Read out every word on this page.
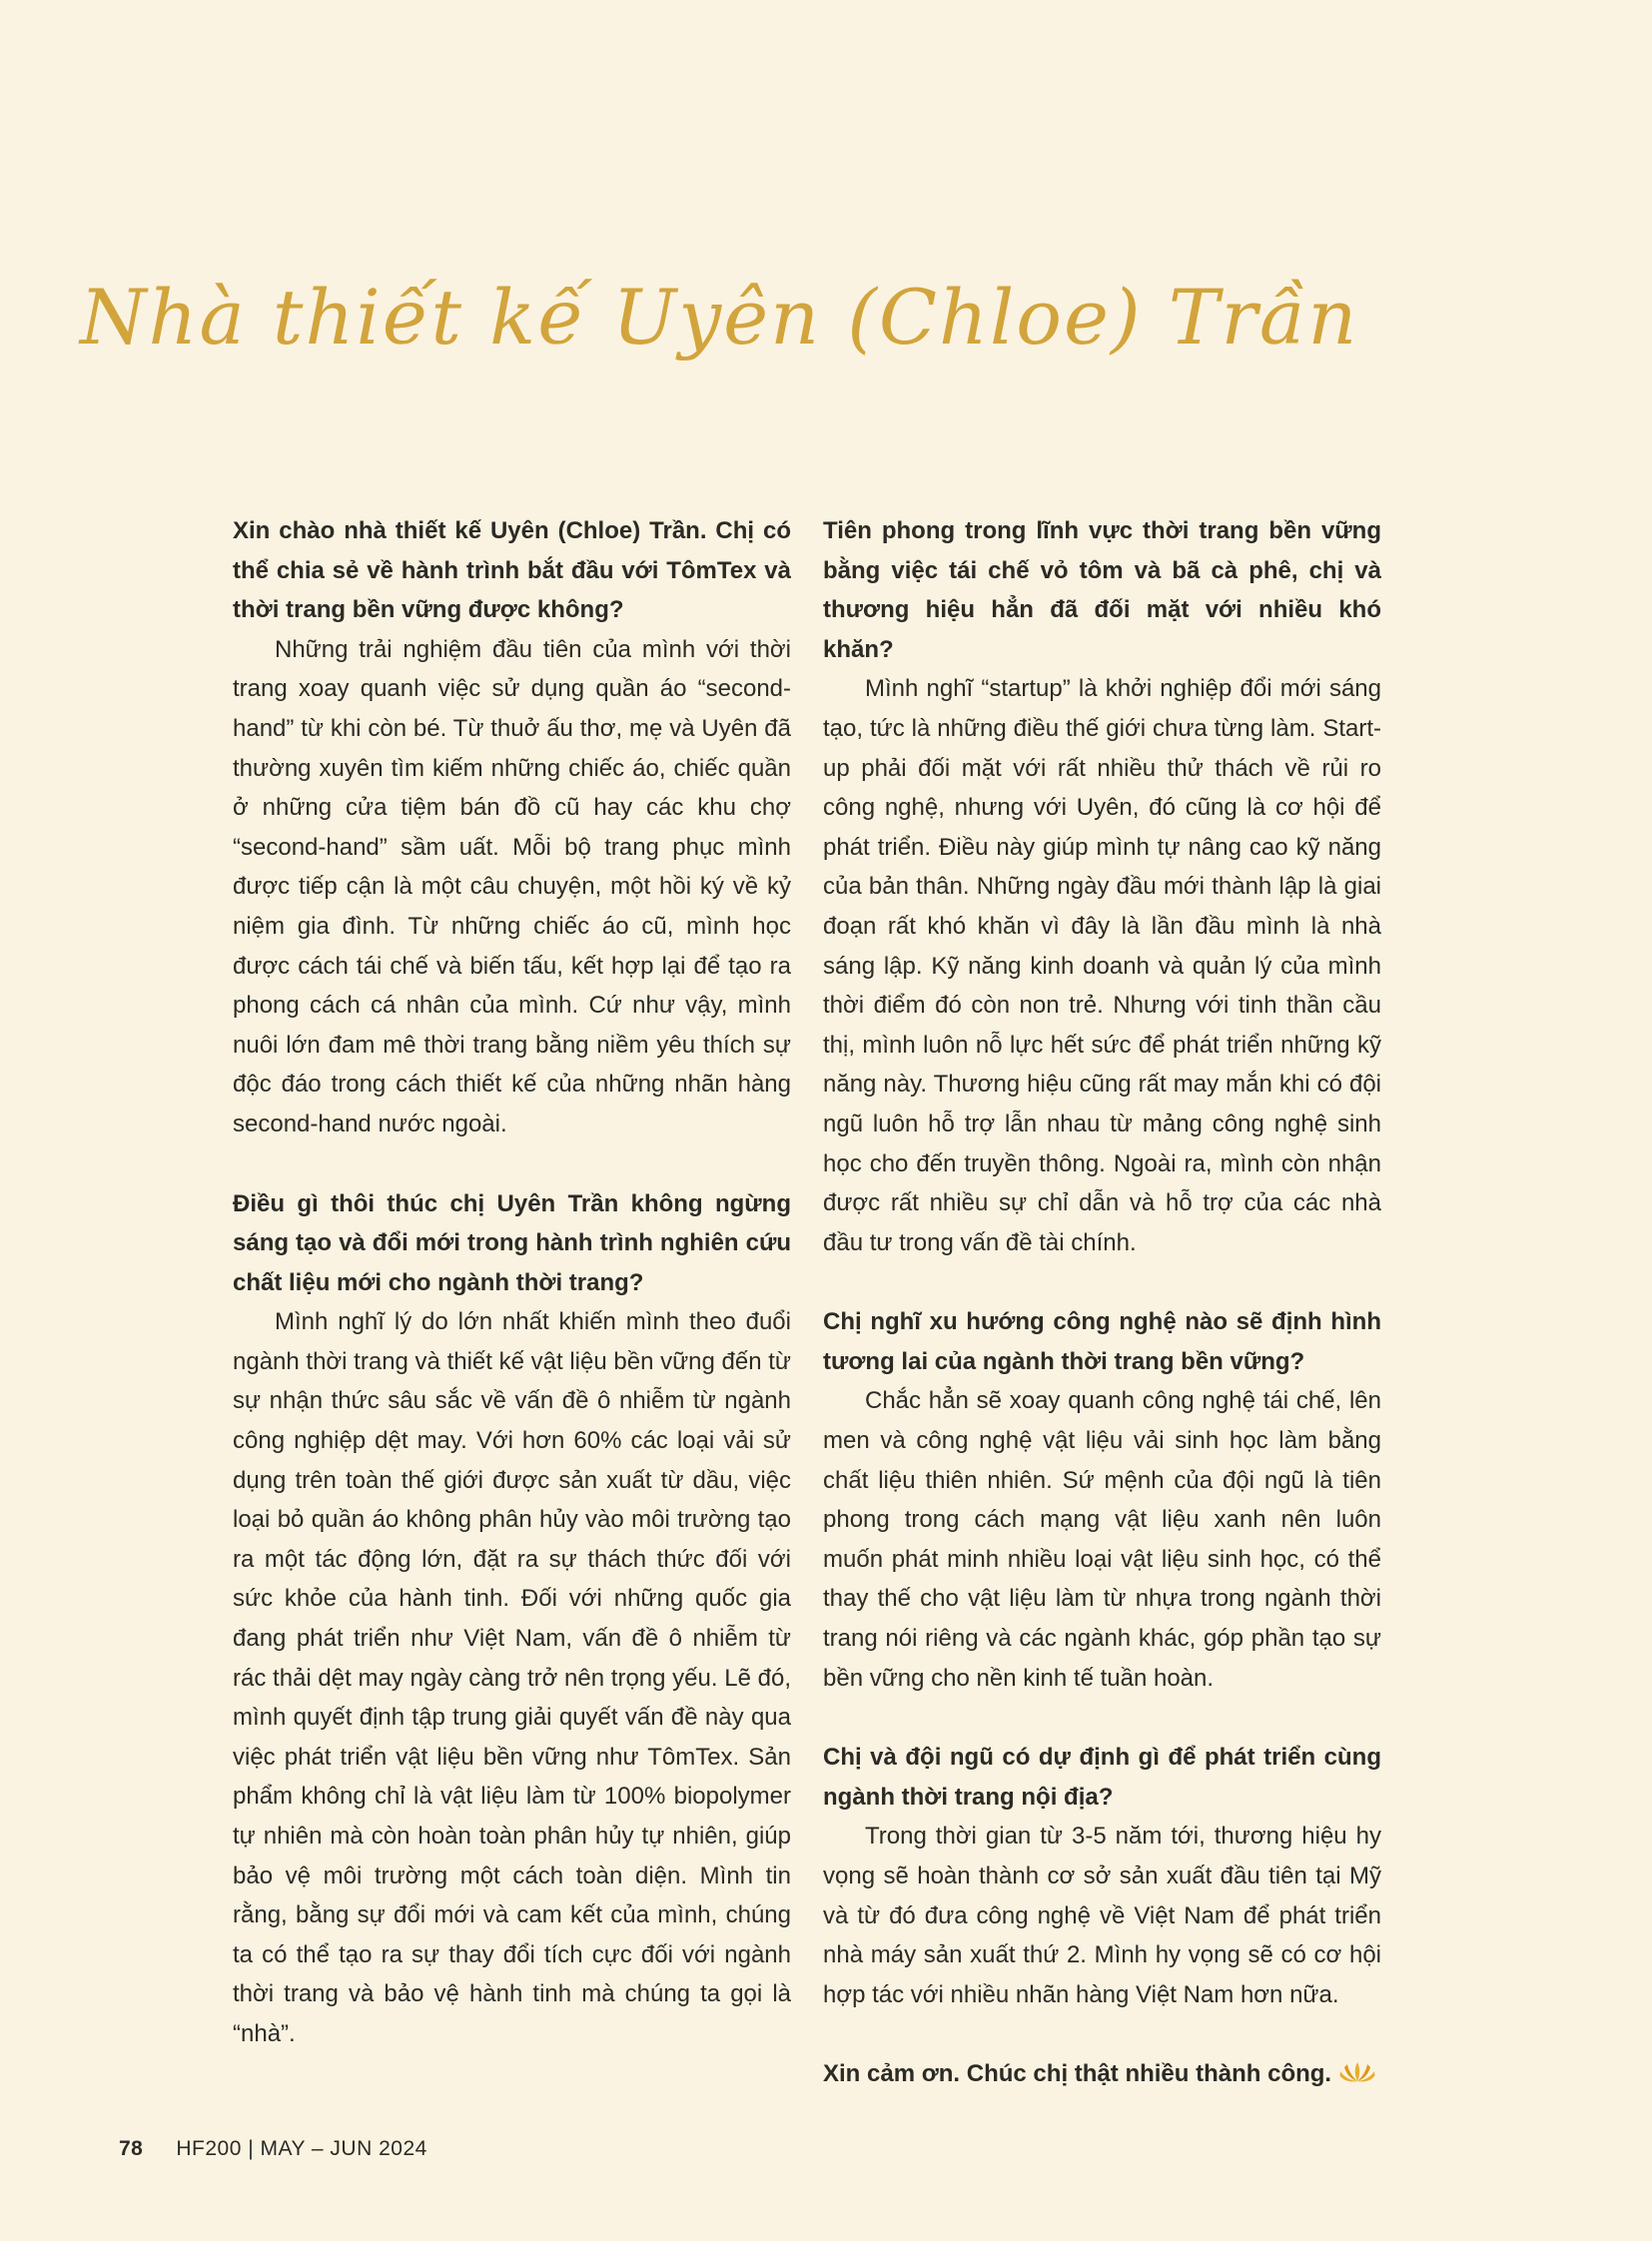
Nhà thiết kế Uyên (Chloe) Trần

Xin chào nhà thiết kế Uyên (Chloe) Trần. Chị có thể chia sẻ về hành trình bắt đầu với TômTex và thời trang bền vững được không?

Những trải nghiệm đầu tiên của mình với thời trang xoay quanh việc sử dụng quần áo “second-hand” từ khi còn bé. Từ thuở ấu thơ, mẹ và Uyên đã thường xuyên tìm kiếm những chiếc áo, chiếc quần ở những cửa tiệm bán đồ cũ hay các khu chợ “second-hand” sầm uất. Mỗi bộ trang phục mình được tiếp cận là một câu chuyện, một hồi ký về kỷ niệm gia đình. Từ những chiếc áo cũ, mình học được cách tái chế và biến tấu, kết hợp lại để tạo ra phong cách cá nhân của mình. Cứ như vậy, mình nuôi lớn đam mê thời trang bằng niềm yêu thích sự độc đáo trong cách thiết kế của những nhãn hàng second-hand nước ngoài.

Điều gì thôi thúc chị Uyên Trần không ngừng sáng tạo và đổi mới trong hành trình nghiên cứu chất liệu mới cho ngành thời trang?

Mình nghĩ lý do lớn nhất khiến mình theo đuổi ngành thời trang và thiết kế vật liệu bền vững đến từ sự nhận thức sâu sắc về vấn đề ô nhiễm từ ngành công nghiệp dệt may. Với hơn 60% các loại vải sử dụng trên toàn thế giới được sản xuất từ dầu, việc loại bỏ quần áo không phân hủy vào môi trường tạo ra một tác động lớn, đặt ra sự thách thức đối với sức khỏe của hành tinh. Đối với những quốc gia đang phát triển như Việt Nam, vấn đề ô nhiễm từ rác thải dệt may ngày càng trở nên trọng yếu. Lẽ đó, mình quyết định tập trung giải quyết vấn đề này qua việc phát triển vật liệu bền vững như TômTex. Sản phẩm không chỉ là vật liệu làm từ 100% biopolymer tự nhiên mà còn hoàn toàn phân hủy tự nhiên, giúp bảo vệ môi trường một cách toàn diện. Mình tin rằng, bằng sự đổi mới và cam kết của mình, chúng ta có thể tạo ra sự thay đổi tích cực đối với ngành thời trang và bảo vệ hành tinh mà chúng ta gọi là “nhà”.

Tiên phong trong lĩnh vực thời trang bền vững bằng việc tái chế vỏ tôm và bã cà phê, chị và thương hiệu hẳn đã đối mặt với nhiều khó khăn?

Mình nghĩ “startup” là khởi nghiệp đổi mới sáng tạo, tức là những điều thế giới chưa từng làm. Start-up phải đối mặt với rất nhiều thử thách về rủi ro công nghệ, nhưng với Uyên, đó cũng là cơ hội để phát triển. Điều này giúp mình tự nâng cao kỹ năng của bản thân. Những ngày đầu mới thành lập là giai đoạn rất khó khăn vì đây là lần đầu mình là nhà sáng lập. Kỹ năng kinh doanh và quản lý của mình thời điểm đó còn non trẻ. Nhưng với tinh thần cầu thị, mình luôn nỗ lực hết sức để phát triển những kỹ năng này. Thương hiệu cũng rất may mắn khi có đội ngũ luôn hỗ trợ lẫn nhau từ mảng công nghệ sinh học cho đến truyền thông. Ngoài ra, mình còn nhận được rất nhiều sự chỉ dẫn và hỗ trợ của các nhà đầu tư trong vấn đề tài chính.

Chị nghĩ xu hướng công nghệ nào sẽ định hình tương lai của ngành thời trang bền vững?

Chắc hẳn sẽ xoay quanh công nghệ tái chế, lên men và công nghệ vật liệu vải sinh học làm bằng chất liệu thiên nhiên. Sứ mệnh của đội ngũ là tiên phong trong cách mạng vật liệu xanh nên luôn muốn phát minh nhiều loại vật liệu sinh học, có thể thay thế cho vật liệu làm từ nhựa trong ngành thời trang nói riêng và các ngành khác, góp phần tạo sự bền vững cho nền kinh tế tuần hoàn.

Chị và đội ngũ có dự định gì để phát triển cùng ngành thời trang nội địa?

Trong thời gian từ 3-5 năm tới, thương hiệu hy vọng sẽ hoàn thành cơ sở sản xuất đầu tiên tại Mỹ và từ đó đưa công nghệ về Việt Nam để phát triển nhà máy sản xuất thứ 2. Mình hy vọng sẽ có cơ hội hợp tác với nhiều nhãn hàng Việt Nam hơn nữa.

Xin cảm ơn. Chúc chị thật nhiều thành công.

78 HF200 | MAY – JUN 2024
